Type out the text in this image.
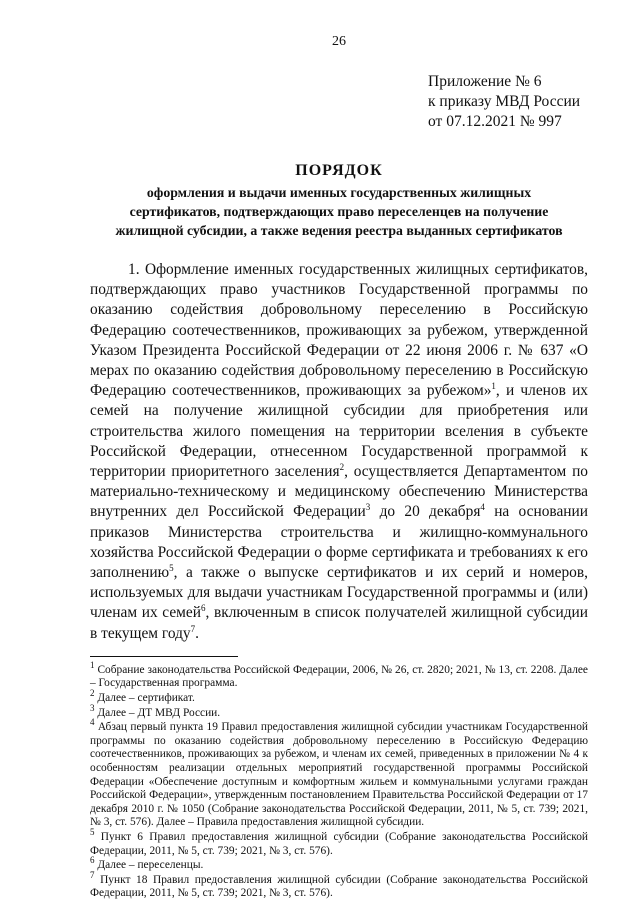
26
Приложение № 6
к приказу МВД России
от 07.12.2021 № 997
ПОРЯДОК
оформления и выдачи именных государственных жилищных
сертификатов, подтверждающих право переселенцев на получение
жилищной субсидии, а также ведения реестра выданных сертификатов

1. Оформление именных государственных жилищных сертификатов, подтверждающих право участников Государственной программы по оказанию содействия добровольному переселению в Российскую Федерацию соотечественников, проживающих за рубежом, утвержденной Указом Президента Российской Федерации от 22 июня 2006 г. № 637 «О мерах по оказанию содействия добровольному переселению в Российскую Федерацию соотечественников, проживающих за рубежом»$^1$, и членов их семей на получение жилищной субсидии для приобретения или строительства жилого помещения на территории вселения в субъекте Российской Федерации, отнесенном Государственной программой к территории приоритетного заселения$^2$, осуществляется Департаментом по материально-техническому и медицинскому обеспечению Министерства внутренних дел Российской Федерации$^3$ до 20 декабря$^4$ на основании приказов Министерства строительства и жилищно-коммунального хозяйства Российской Федерации о форме сертификата и требованиях к его заполнению$^5$, а также о выпуске сертификатов и их серий и номеров, используемых для выдачи участникам Государственной программы и (или) членам их семей$^6$, включенным в список получателей жилищной субсидии в текущем году$^7$.

$^1$ Собрание законодательства Российской Федерации, 2006, № 26, ст. 2820; 2021, № 13, ст. 2208. Далее – Государственная программа.
$^2$ Далее – сертификат.
$^3$ Далее – ДТ МВД России.
$^4$ Абзац первый пункта 19 Правил предоставления жилищной субсидии участникам Государственной программы по оказанию содействия добровольному переселению в Российскую Федерацию соотечественников, проживающих за рубежом, и членам их семей, приведенных в приложении № 4 к особенностям реализации отдельных мероприятий государственной программы Российской Федерации «Обеспечение доступным и комфортным жильем и коммунальными услугами граждан Российской Федерации», утвержденным постановлением Правительства Российской Федерации от 17 декабря 2010 г. № 1050 (Собрание законодательства Российской Федерации, 2011, № 5, ст. 739; 2021, № 3, ст. 576). Далее – Правила предоставления жилищной субсидии.
$^5$ Пункт 6 Правил предоставления жилищной субсидии (Собрание законодательства Российской Федерации, 2011, № 5, ст. 739; 2021, № 3, ст. 576).
$^6$ Далее – переселенцы.
$^7$ Пункт 18 Правил предоставления жилищной субсидии (Собрание законодательства Российской Федерации, 2011, № 5, ст. 739; 2021, № 3, ст. 576).
